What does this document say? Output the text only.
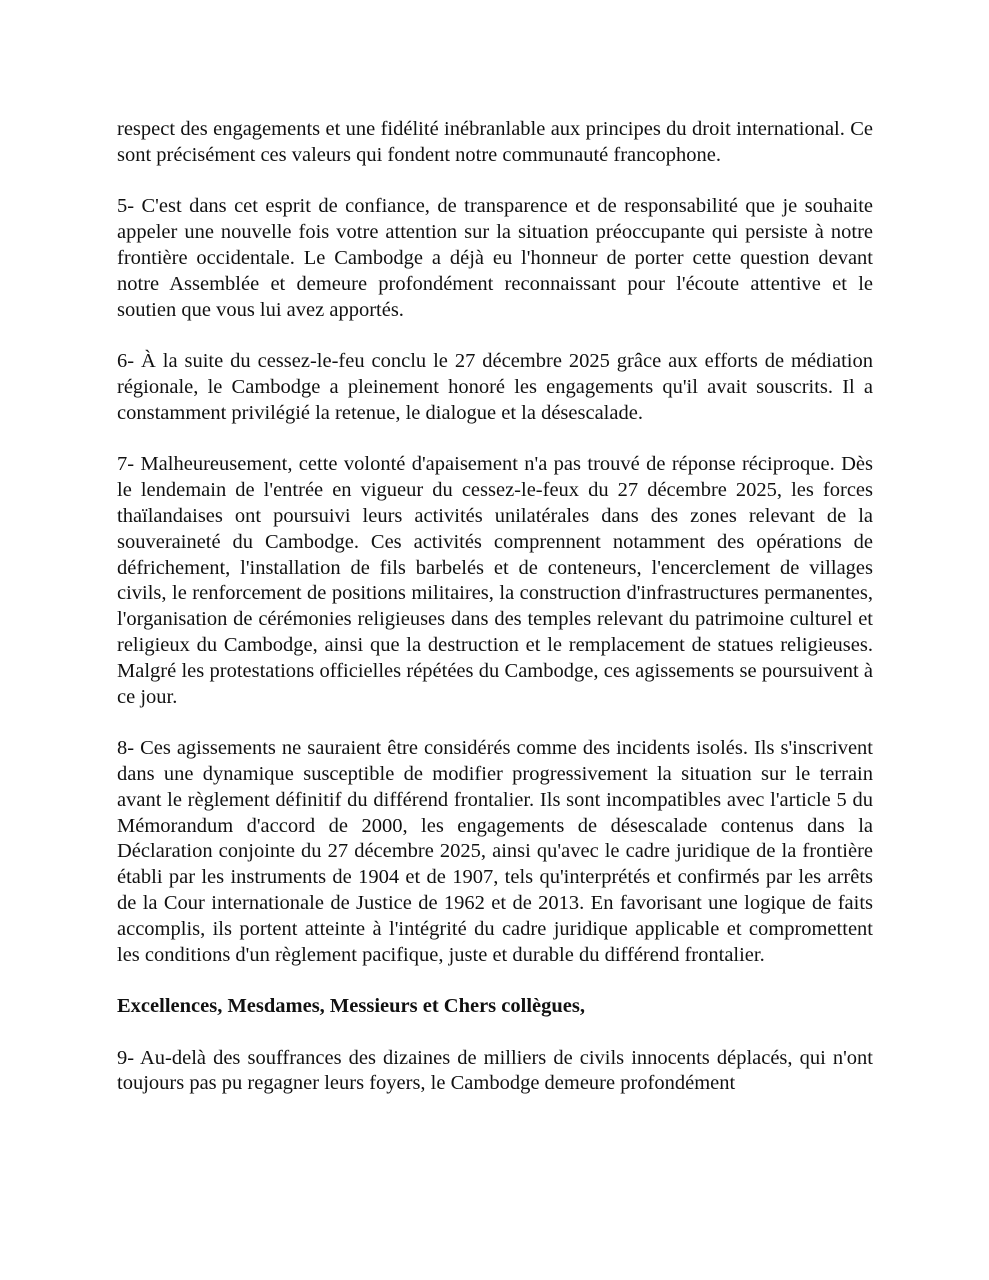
respect des engagements et une fidélité inébranlable aux principes du droit international. Ce sont précisément ces valeurs qui fondent notre communauté francophone.

5- C'est dans cet esprit de confiance, de transparence et de responsabilité que je souhaite appeler une nouvelle fois votre attention sur la situation préoccupante qui persiste à notre frontière occidentale. Le Cambodge a déjà eu l'honneur de porter cette question devant notre Assemblée et demeure profondément reconnaissant pour l'écoute attentive et le soutien que vous lui avez apportés.

6- À la suite du cessez-le-feu conclu le 27 décembre 2025 grâce aux efforts de médiation régionale, le Cambodge a pleinement honoré les engagements qu'il avait souscrits. Il a constamment privilégié la retenue, le dialogue et la désescalade.

7- Malheureusement, cette volonté d'apaisement n'a pas trouvé de réponse réciproque. Dès le lendemain de l'entrée en vigueur du cessez-le-feux du 27 décembre 2025, les forces thaïlandaises ont poursuivi leurs activités unilatérales dans des zones relevant de la souveraineté du Cambodge. Ces activités comprennent notamment des opérations de défrichement, l'installation de fils barbelés et de conteneurs, l'encerclement de villages civils, le renforcement de positions militaires, la construction d'infrastructures permanentes, l'organisation de cérémonies religieuses dans des temples relevant du patrimoine culturel et religieux du Cambodge, ainsi que la destruction et le remplacement de statues religieuses. Malgré les protestations officielles répétées du Cambodge, ces agissements se poursuivent à ce jour.

8- Ces agissements ne sauraient être considérés comme des incidents isolés. Ils s'inscrivent dans une dynamique susceptible de modifier progressivement la situation sur le terrain avant le règlement définitif du différend frontalier. Ils sont incompatibles avec l'article 5 du Mémorandum d'accord de 2000, les engagements de désescalade contenus dans la Déclaration conjointe du 27 décembre 2025, ainsi qu'avec le cadre juridique de la frontière établi par les instruments de 1904 et de 1907, tels qu'interprétés et confirmés par les arrêts de la Cour internationale de Justice de 1962 et de 2013. En favorisant une logique de faits accomplis, ils portent atteinte à l'intégrité du cadre juridique applicable et compromettent les conditions d'un règlement pacifique, juste et durable du différend frontalier.

Excellences, Mesdames, Messieurs et Chers collègues,

9- Au-delà des souffrances des dizaines de milliers de civils innocents déplacés, qui n'ont toujours pas pu regagner leurs foyers, le Cambodge demeure profondément
